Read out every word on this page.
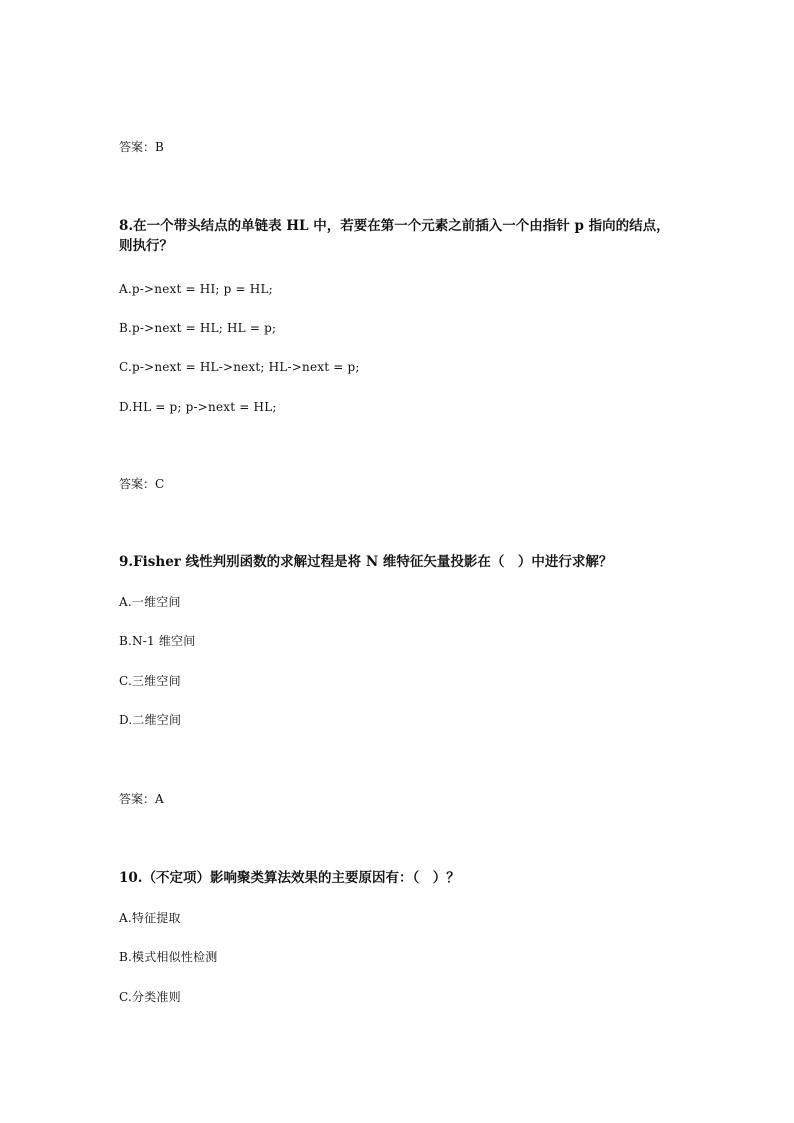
答案：B
8.在一个带头结点的单链表 HL 中，若要在第一个元素之前插入一个由指针 p 指向的结点，则执行？
A.p->next = HI; p = HL;
B.p->next = HL; HL = p;
C.p->next = HL->next; HL->next = p;
D.HL = p; p->next = HL;
答案：C
9.Fisher 线性判别函数的求解过程是将 N 维特征矢量投影在（　）中进行求解？
A.一维空间
B.N-1 维空间
C.三维空间
D.二维空间
答案：A
10.（不定项）影响聚类算法效果的主要原因有：（　）？
A.特征提取
B.模式相似性检测
C.分类准则
